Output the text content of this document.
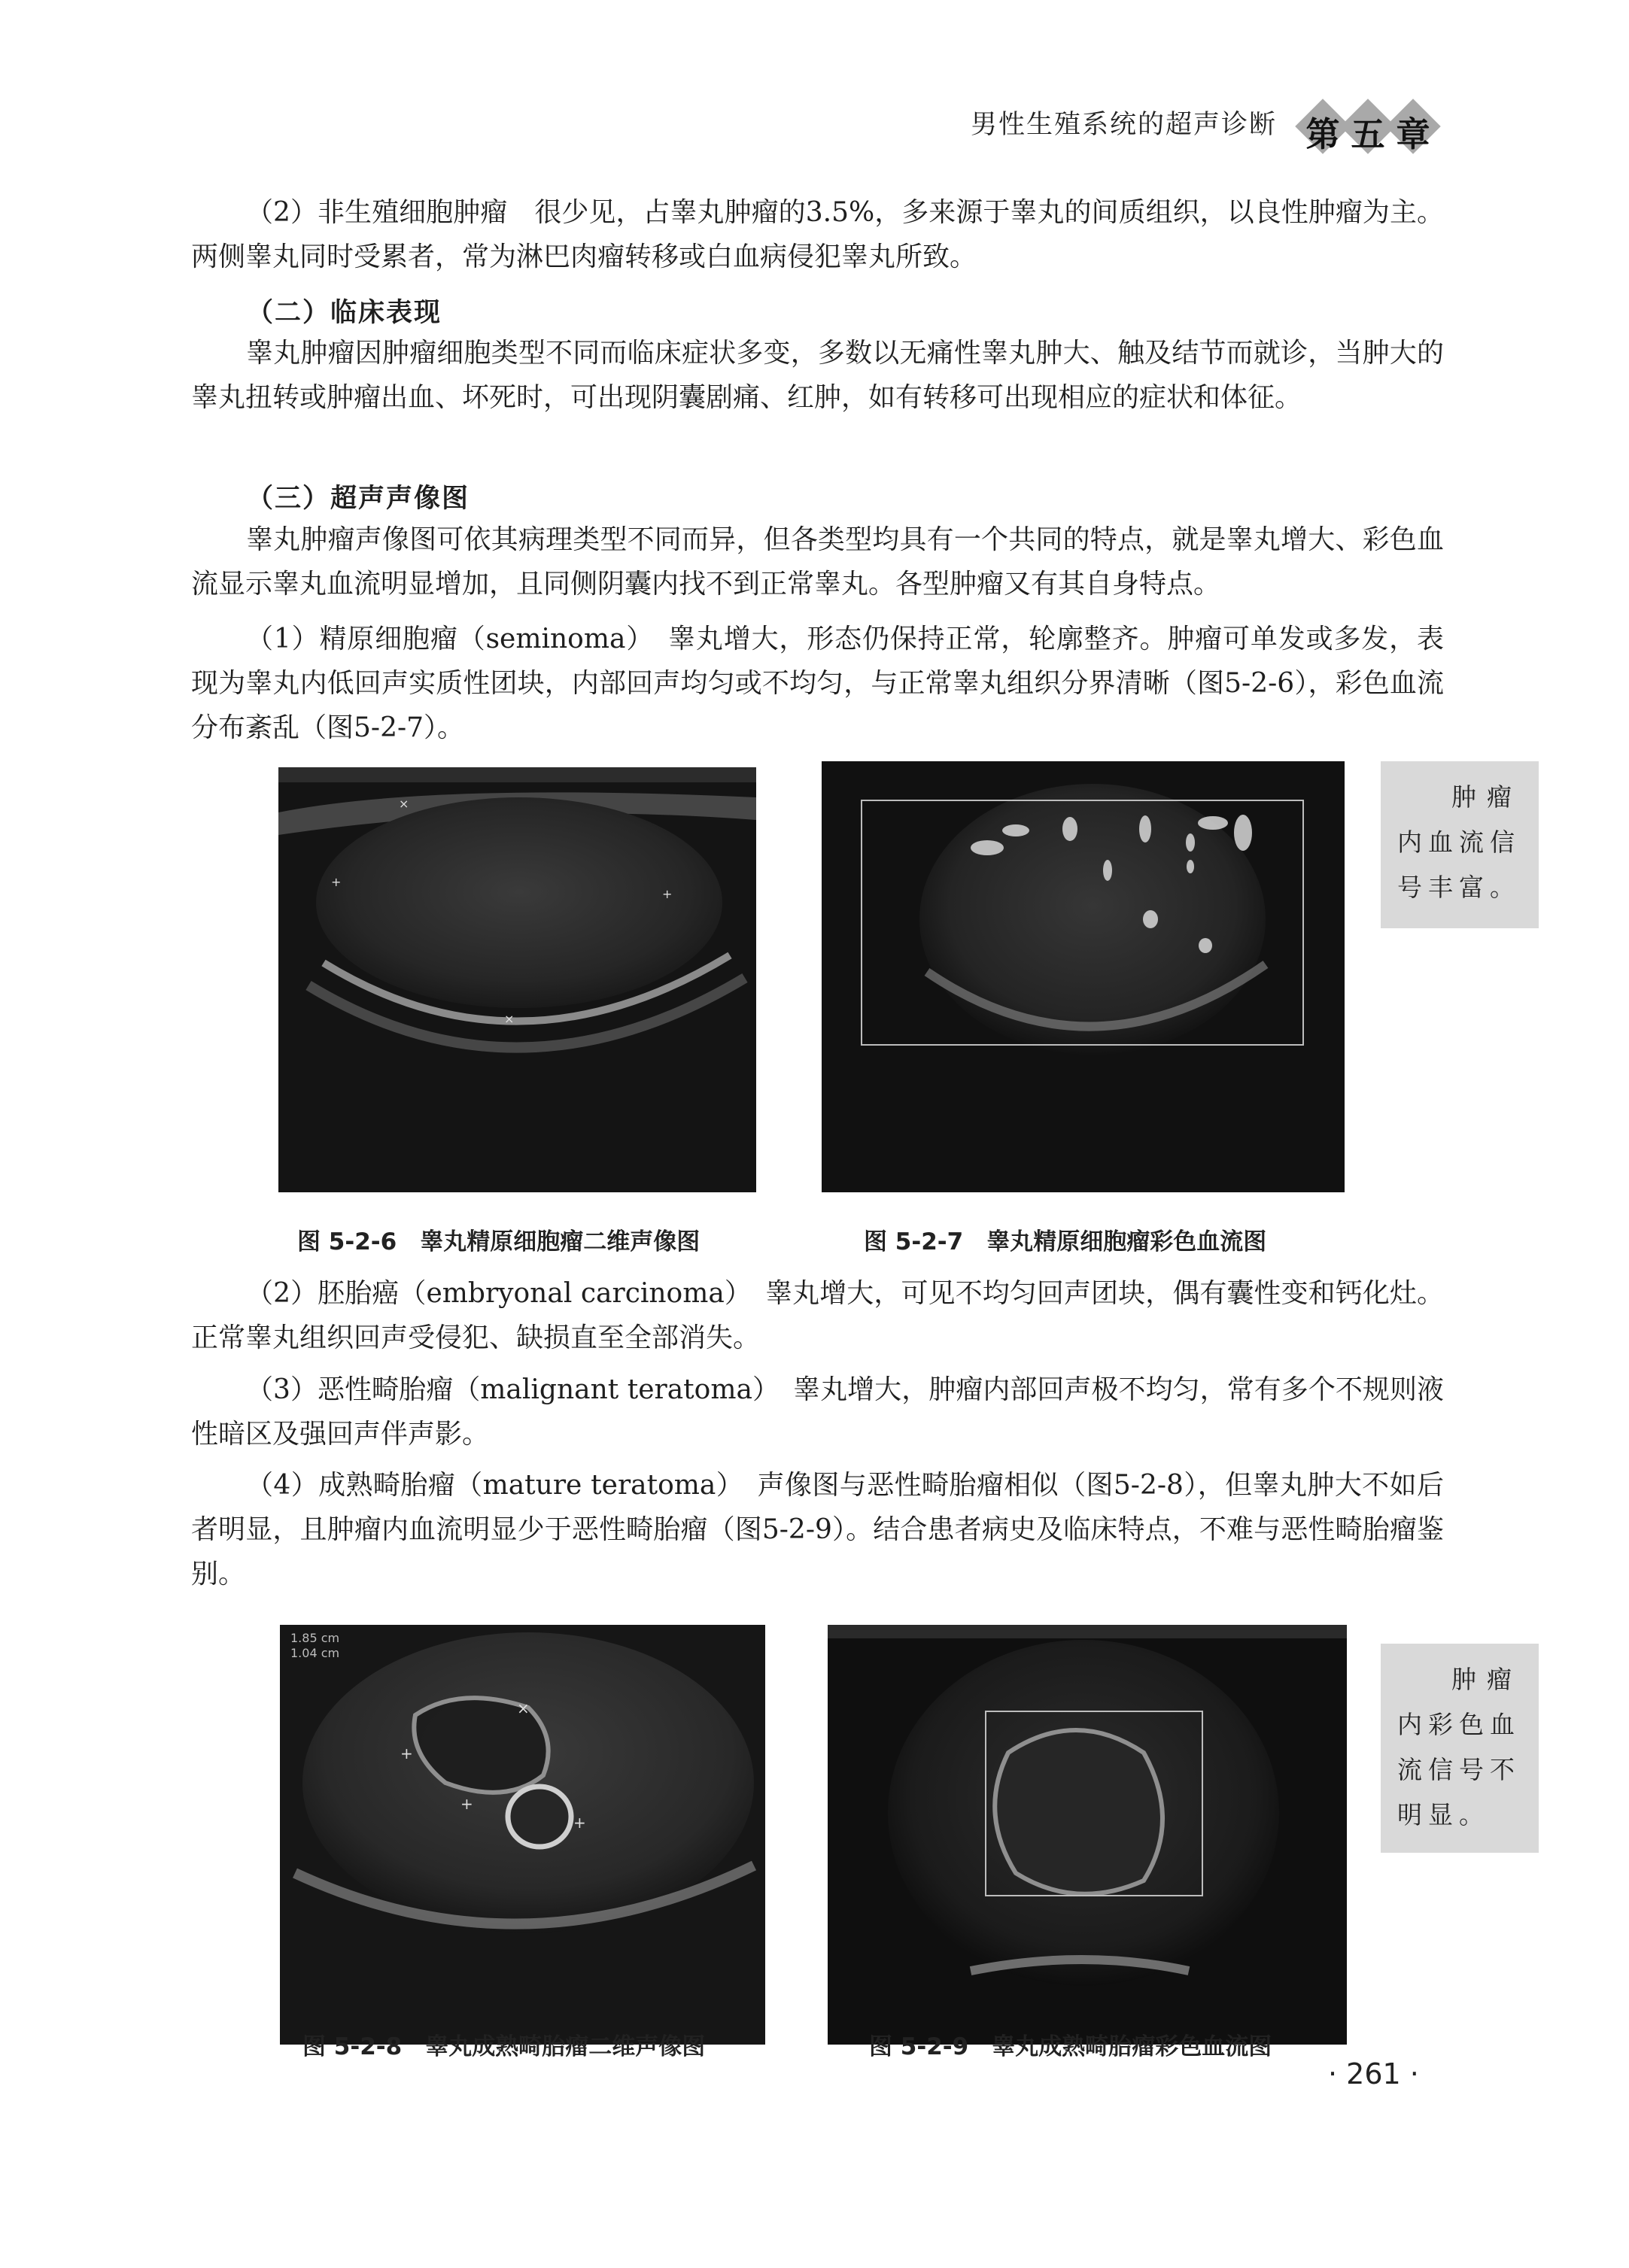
男性生殖系统的超声诊断 第 五 章

（2）非生殖细胞肿瘤　很少见，占睾丸肿瘤的3.5%，多来源于睾丸的间质组织，以良性肿瘤为主。两侧睾丸同时受累者，常为淋巴肉瘤转移或白血病侵犯睾丸所致。

（二）临床表现

睾丸肿瘤因肿瘤细胞类型不同而临床症状多变，多数以无痛性睾丸肿大、触及结节而就诊，当肿大的睾丸扭转或肿瘤出血、坏死时，可出现阴囊剧痛、红肿，如有转移可出现相应的症状和体征。

（三）超声声像图

睾丸肿瘤声像图可依其病理类型不同而异，但各类型均具有一个共同的特点，就是睾丸增大、彩色血流显示睾丸血流明显增加，且同侧阴囊内找不到正常睾丸。各型肿瘤又有其自身特点。

（1）精原细胞瘤（seminoma）　睾丸增大，形态仍保持正常，轮廓整齐。肿瘤可单发或多发，表现为睾丸内低回声实质性团块，内部回声均匀或不均匀，与正常睾丸组织分界清晰（图5-2-6），彩色血流分布紊乱（图5-2-7）。

×
+
+
×
图 5-2-6　睾丸精原细胞瘤二维声像图	图 5-2-7　睾丸精原细胞瘤彩色血流图
肿瘤
内血流信
号丰富。

（2）胚胎癌（embryonal carcinoma）　睾丸增大，可见不均匀回声团块，偶有囊性变和钙化灶。正常睾丸组织回声受侵犯、缺损直至全部消失。

（3）恶性畸胎瘤（malignant teratoma）　睾丸增大，肿瘤内部回声极不均匀，常有多个不规则液性暗区及强回声伴声影。

（4）成熟畸胎瘤（mature teratoma）　声像图与恶性畸胎瘤相似（图5-2-8），但睾丸肿大不如后者明显，且肿瘤内血流明显少于恶性畸胎瘤（图5-2-9）。结合患者病史及临床特点，不难与恶性畸胎瘤鉴别。

+
×
+
+
1.85 cm
1.04 cm
图 5-2-8　睾丸成熟畸胎瘤二维声像图	图 5-2-9　睾丸成熟畸胎瘤彩色血流图
肿瘤
内彩色血
流信号不
明显。
· 261 ·
